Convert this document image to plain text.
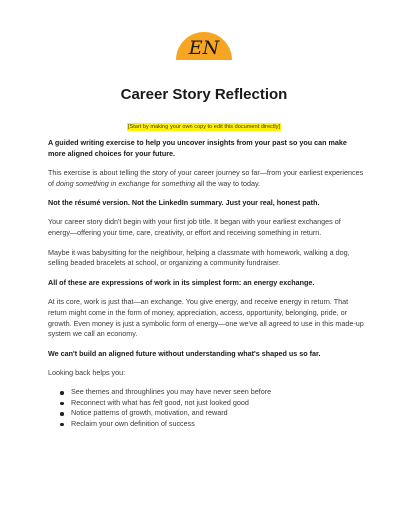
EN
Career Story Reflection
[Start by making your own copy to edit this document directly]

A guided writing exercise to help you uncover insights from your past so you can make more aligned choices for your future.

This exercise is about telling the story of your career journey so far—from your earliest experiences of doing something in exchange for something all the way to today.

Not the résumé version. Not the LinkedIn summary. Just your real, honest path.

Your career story didn't begin with your first job title. It began with your earliest exchanges of energy—offering your time, care, creativity, or effort and receiving something in return.

Maybe it was babysitting for the neighbour, helping a classmate with homework, walking a dog, selling beaded bracelets at school, or organizing a community fundraiser.

All of these are expressions of work in its simplest form: an energy exchange.

At its core, work is just that—an exchange. You give energy, and receive energy in return. That return might come in the form of money, appreciation, access, opportunity, belonging, pride, or growth. Even money is just a symbolic form of energy—one we've all agreed to use in this made-up system we call an economy.

We can't build an aligned future without understanding what's shaped us so far.

Looking back helps you:

See themes and throughlines you may have never seen before
Reconnect with what has felt good, not just looked good
Notice patterns of growth, motivation, and reward
Reclaim your own definition of success
